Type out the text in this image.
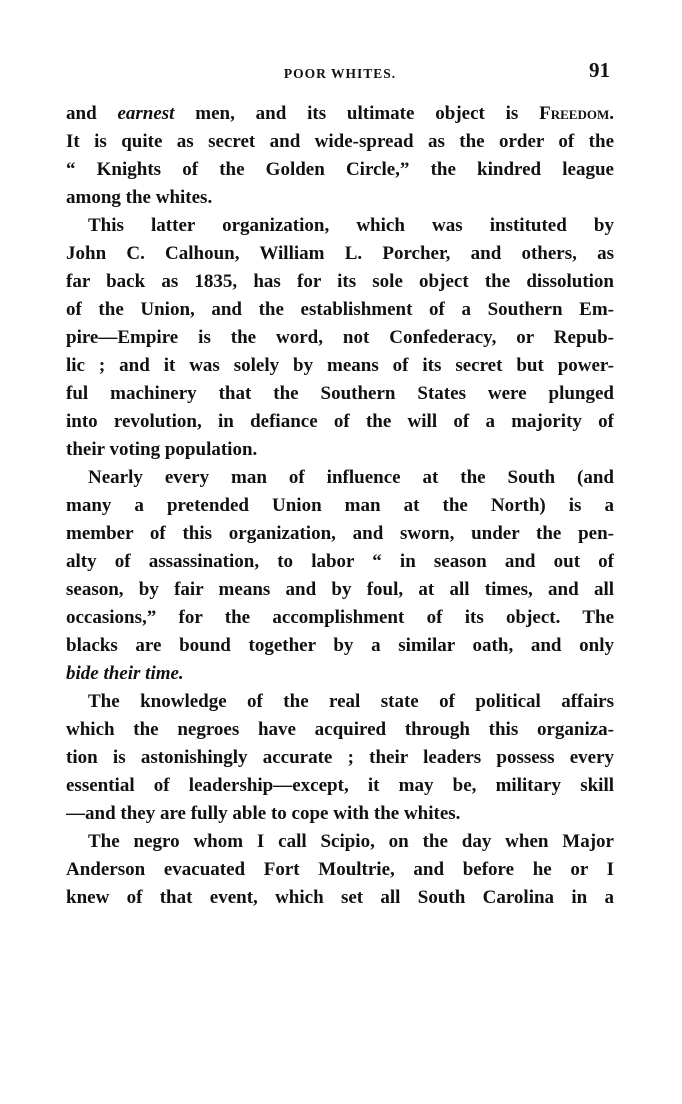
POOR WHITES.	91
and earnest men, and its ultimate object is Freedom.
It is quite as secret and wide-spread as the order of the
“ Knights of the Golden Circle,” the kindred league
among the whites.
This latter organization, which was instituted by
John C. Calhoun, William L. Porcher, and others, as
far back as 1835, has for its sole object the dissolution
of the Union, and the establishment of a Southern Em-
pire—Empire is the word, not Confederacy, or Repub-
lic ; and it was solely by means of its secret but power-
ful machinery that the Southern States were plunged
into revolution, in defiance of the will of a majority of
their voting population.
Nearly every man of influence at the South (and
many a pretended Union man at the North) is a
member of this organization, and sworn, under the pen-
alty of assassination, to labor “ in season and out of
season, by fair means and by foul, at all times, and all
occasions,” for the accomplishment of its object. The
blacks are bound together by a similar oath, and only
bide their time.
The knowledge of the real state of political affairs
which the negroes have acquired through this organiza-
tion is astonishingly accurate ; their leaders possess every
essential of leadership—except, it may be, military skill
—and they are fully able to cope with the whites.
The negro whom I call Scipio, on the day when Major
Anderson evacuated Fort Moultrie, and before he or I
knew of that event, which set all South Carolina in a
